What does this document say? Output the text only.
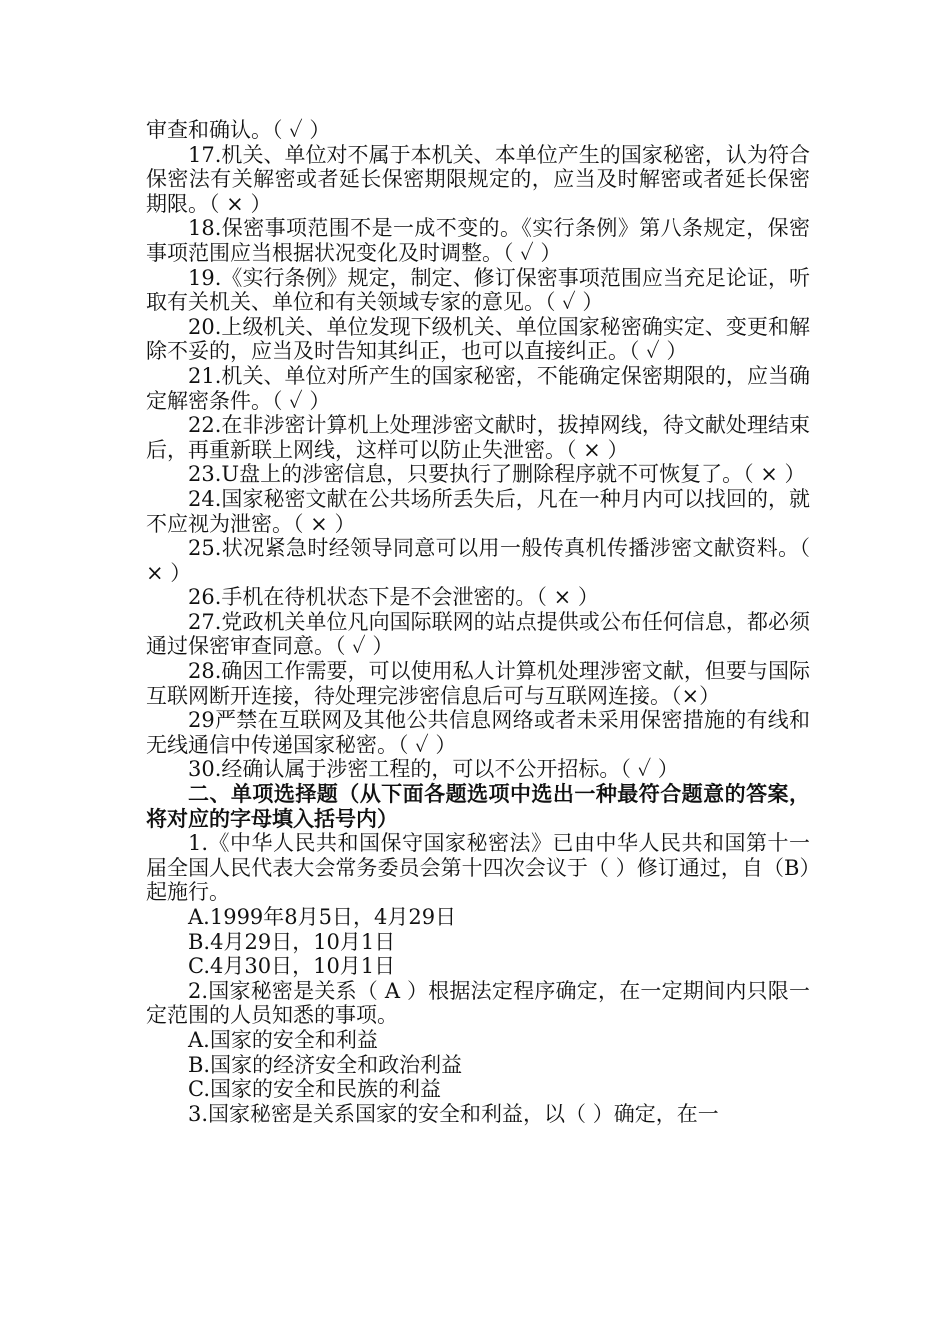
审查和确认。（ ✓ ）

17.机关、单位对不属于本机关、本单位产生的国家秘密，认为符合保密法有关解密或者延长保密期限规定的，应当及时解密或者延长保密期限。（ × ）

18.保密事项范围不是一成不变的。《实行条例》第八条规定，保密事项范围应当根据状况变化及时调整。（ ✓ ）

19.《实行条例》规定，制定、修订保密事项范围应当充足论证，听取有关机关、单位和有关领域专家的意见。（ ✓ ）

20.上级机关、单位发现下级机关、单位国家秘密确实定、变更和解除不妥的，应当及时告知其纠正，也可以直接纠正。（ ✓ ）

21.机关、单位对所产生的国家秘密，不能确定保密期限的，应当确定解密条件。（ ✓ ）

22.在非涉密计算机上处理涉密文献时，拔掉网线，待文献处理结束后，再重新联上网线，这样可以防止失泄密。（ × ）

23.U盘上的涉密信息，只要执行了删除程序就不可恢复了。（ × ）

24.国家秘密文献在公共场所丢失后，凡在一种月内可以找回的，就不应视为泄密。（ × ）

25.状况紧急时经领导同意可以用一般传真机传播涉密文献资料。（ × ）

26.手机在待机状态下是不会泄密的。（ × ）

27.党政机关单位凡向国际联网的站点提供或公布任何信息，都必须通过保密审查同意。（ ✓ ）

28.确因工作需要，可以使用私人计算机处理涉密文献，但要与国际互联网断开连接，待处理完涉密信息后可与互联网连接。（×）

29严禁在互联网及其他公共信息网络或者未采用保密措施的有线和无线通信中传递国家秘密。（ ✓ ）

30.经确认属于涉密工程的，可以不公开招标。（ ✓ ）

二、单项选择题（从下面各题选项中选出一种最符合题意的答案，将对应的字母填入括号内）

1.《中华人民共和国保守国家秘密法》已由中华人民共和国第十一届全国人民代表大会常务委员会第十四次会议于（ ）修订通过，自（B）起施行。

A.1999年8月5日，4月29日

B.4月29日，10月1日

C.4月30日，10月1日

2.国家秘密是关系（ A ）根据法定程序确定，在一定期间内只限一定范围的人员知悉的事项。

A.国家的安全和利益

B.国家的经济安全和政治利益

C.国家的安全和民族的利益

3.国家秘密是关系国家的安全和利益，以（ ）确定，在一
